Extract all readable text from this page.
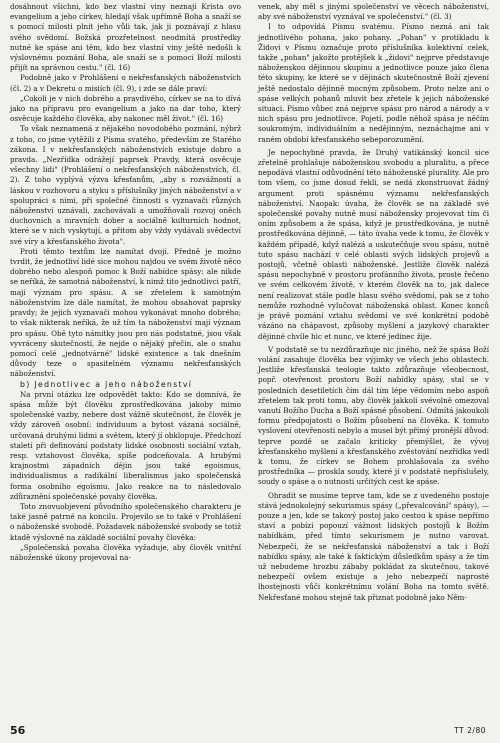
dosáhnout všichni, kdo bez vlastní viny neznají Krista ovo evangelium a jeho církev, hledají však upřímně Boha a snaží se s pomocí milosti plnit jeho vůli tak, jak ji poznávají z hlasu svého svědomí. Božská prozřetelnost neodmítá prostředky nutné ke spáse ani těm, kdo bez vlastní viny ještě nedošli k výslovnému poznání Boha, ale snaží se s pomocí Boží milosti přijít na správnou cestu." (čl. 16)

Podobně jako v Prohlášení o nekřesťanských náboženstvích (čl. 2) a v Dekretu o misiích (čl. 9), i zde se dále praví:

„Cokoli je v nich dobrého a pravdivého, církev se na to dívá jako na přípravu pro evangelium a jako na dar toho, který osvěcuje každého člověka, aby nakonec měl život." (čl. 16)

To však neznamená z nějakého novodobého pozmání, nýbrž z toho, co jsme vytěžili z Písma svatého, především ze Starého zákona. I v nekřesťanských náboženstvích existuje dobro a pravda. „Nezřídka odrážejí paprsek Pravdy, která osvěcuje všechny lidi" (Prohlášení o nekřesťanských náboženstvích, čl. 2). Z toho vyplývá výzva křesťanům, „aby s rozvážností a láskou v rozhovoru a styku s příslušníky jiných náboženství a v spolupráci s nimi, při společné činnosti s vyznavači různých náboženství uznávali, zachovávali a umožňovali rozvoj oněch duchovních a mravních dober a sociálně kulturních hodnot, které se v nich vyskytují, a přitom aby vždy vydávali svědectví své víry a křesťanského života".

Proti těmto textům lze namítat dvojí. Předně je možno tvrdit, že jednotliví lidé sice mohou najdou ve svém životě něco dobrého nebo alespoň pomoc k Boží nabídce spásy: ale nikde se neříká, že samotná náboženství, k nimž tito jednotlivci patří, mají význam pro spásu. A se zřetelem k samotným náboženstvím lze dále namítat, že mohou obsahovat paprsky pravdy; že jejich vyznavači mohou vykonávat mnoho dobrého; to však nikterak neříká, že už tím ta náboženství mají význam pro spásu. Obě tyto námitky jsou pro nás podstatné, jsou však vyvráceny skutečností, že nejde o nějaký přečin, ale o snahu pomocí celé „jednotvárné" lidské existence a tak dnešním důvody teze o spasitelném významu nekřesťanských náboženství.

b) Jednotlivec a jeho náboženství

Na první otázku lze odpovědět takto: Kdo se domnívá, že spása může být člověku zprostředkována jakoby mimo společenské vazby, nebere dost vážně skutečnost, že člověk je vždy zároveň osobní: individuum a bytost vázaná sociálně, určovaná druhými lidmi a světem, který jí obklopuje. Předchozí staletí při definování podstaty lidské osobnosti sociální vztah, resp. vztahovost člověka, spíše podceňovala. A hrubými krajnostmi západních dějin jsou také egoismus, individualismus a radikální liberalismus jako společenská forma osobního egoismu. Jako reakce na to následovalo zdůraznění společenské povahy člověka.

Toto znovuobjevení původního společenského charakteru je také jasně patrné na koncilu. Projevilo se to také v Prohlášení o náboženské svobodě. Požadavek náboženské svobody se totiž ktadě výslovně na základě sociální povahy člověka:

„Společenská povaha člověka vyžaduje, aby člověk vnitřní náboženské úkony projevoval na-

venek, aby měl s jinými společenství ve věcech náboženství, aby své náboženství vyznával ve společenství." (čl. 3)

I to odpovídá Písmu svatému. Písmo nezná ani tak jednotlivého pohana, jako pohany. „Pohan" v protikladu k Židovi v Písmu označuje proto příslušníka kolektivní celek, takže „pohan" jakožto protějšek k „židovi" nejprve představuje náboženskou dějinnou skupinu a jednotlivce pouze jako člena této skupiny, ke které se v dějinách skutečnostně Boží zjevení ještě nedostalo dějinně mocným způsobem. Proto nelze ani o spáse velkých pohanů mluvit bez zřetele k jejich náboženské situaci. Písmo vůbec zná nejprve spásu pro národ a národy a v nich spásu pro jednotlivce. Pojetí, podle něhož spása je něčím soukromým, individuálním a nedějinným, neznáchajme ani v raném období křesťanského sebeporozumění.

Je nepochybné pravda, že Druhý vatikánský koncil sice zřetelně prohlašuje náboženskou svobodu a pluralitu, a přece nepodává vlastní odůvodnění této náboženské plurality. Ale pro tom všem, co jsme dosud řekli, se nedá zkonstruovat žádný argument proti spásnému významu nekřesťanských náboženství. Naopak: úvaha, že člověk se na základě své společenské povahy nutně musí nábožensky projevovat tím či oním způsobem a že spása, když je prostředkována, je nutně prostředkována dějinně, — táto úvaha vede k tomu, že člověk v každém případě, když nalézá a uskutečňuje svou spásu, nutně tuto spásu nachází v celé oblasti svých lidských projevů a postojů, včetně oblasti náboženské. Jestliže člověk nalézá spásu nepochybně v prostoru profánního života, proste řečeno ve svém celkovém životě, v kterém člověk na to, jak dalece není realizovat stále podle hlasu svého svědomí, pak se z toho nemůže rozhodně vylučovat náboženská oblast. Konec konců je právě poznání vztahu svědomí ve své konkrétní podobě vázáno na chápavost, způsoby myšlení a jazykový charakter dějinné chvíle hic et nunc, ve které jedinec žije.

V podstatě se tu nezdůrazňuje nic jiného, než že spása Boží volání zasahuje člověka bez výjimky ve všech jeho oblastech. Jestliže křesťanská teologie takto zdůrazňuje všeobecnost, popř. otevřenost prostoru Boží nabídky spásy, stal se v posledních desetiletích čím dál tím lépe vědomím nebo aspoň zřetelem tak proti tomu, aby člověk jakkoli svévolně omezoval vanutí Božího Ducha a Boží spásné působení. Odmítá jakoukoli formu předpojatosti o Božím působení na člověka. K tomuto vyslovení otevřenosti nebylo a musel být přímý pronější důvod: teprve pozdě se začalo kriticky přemýšlet, že vývoj křesťanského myšlení a křesťanského zvěstování nezřídka vedl k tomu, že církev se Bohem prohlašovala za svého prostředníka — proskla soudy, které jí v podstatě nepříslušely, soudy o spáse a o nutnosti určitých cest ke spáse.

Ohradit se musíme teprve tam, kde se z uvedeného postoje stává jednokolejný sekurismus spásy („převalcování" spásy), — pouze a jen, kde se takový postoj jako cestou k spáse nepřímo staví a pobízí popouzí vážnost lidských postojů k Božím nabídkám, před tímto sekurismem je nutno varovat. Nebezpečí, že se nekřesťanská náboženství a tak i Boží nabídku spásy, ale také k faktickým důsledkům spásy a že tím už nebudeme hrozbu zábaby pokládat za skutečnou, takové nebezpečí ovšem existuje a jeho nebezpečí naprosté lhostejnosti vůči konkrétnímu volání Boha na tomto světě. Nekřesťané mohou stejně tak přiznat podobně jako Něm-

56	TT 2/80
